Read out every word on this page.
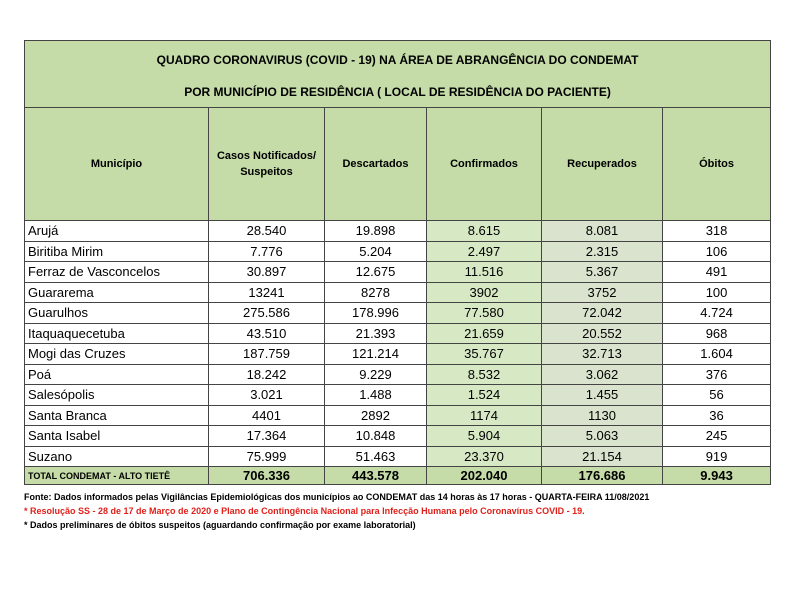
QUADRO CORONAVIRUS (COVID - 19) NA ÁREA DE ABRANGÊNCIA DO CONDEMAT
POR MUNICÍPIO DE RESIDÊNCIA ( LOCAL DE RESIDÊNCIA DO PACIENTE)					

Município	Casos Notificados/ Suspeitos	Descartados	Confirmados	Recuperados	Óbitos
Arujá	28.540	19.898	8.615	8.081	318
Biritiba Mirim	7.776	5.204	2.497	2.315	106
Ferraz de Vasconcelos	30.897	12.675	11.516	5.367	491
Guararema	13241	8278	3902	3752	100
Guarulhos	275.586	178.996	77.580	72.042	4.724
Itaquaquecetuba	43.510	21.393	21.659	20.552	968
Mogi das Cruzes	187.759	121.214	35.767	32.713	1.604
Poá	18.242	9.229	8.532	3.062	376
Salesópolis	3.021	1.488	1.524	1.455	56
Santa Branca	4401	2892	1174	1130	36
Santa Isabel	17.364	10.848	5.904	5.063	245
Suzano	75.999	51.463	23.370	21.154	919
TOTAL CONDEMAT - ALTO TIETÊ	706.336	443.578	202.040	176.686	9.943
Fonte: Dados informados pelas Vigilâncias Epidemiológicas dos municípios ao CONDEMAT das 14 horas às 17 horas - QUARTA-FEIRA 11/08/2021
* Resolução SS - 28 de 17 de Março de 2020 e Plano de Contingência Nacional para Infecção Humana pelo Coronavírus COVID - 19.
* Dados preliminares de óbitos suspeitos (aguardando confirmação por exame laboratorial)
